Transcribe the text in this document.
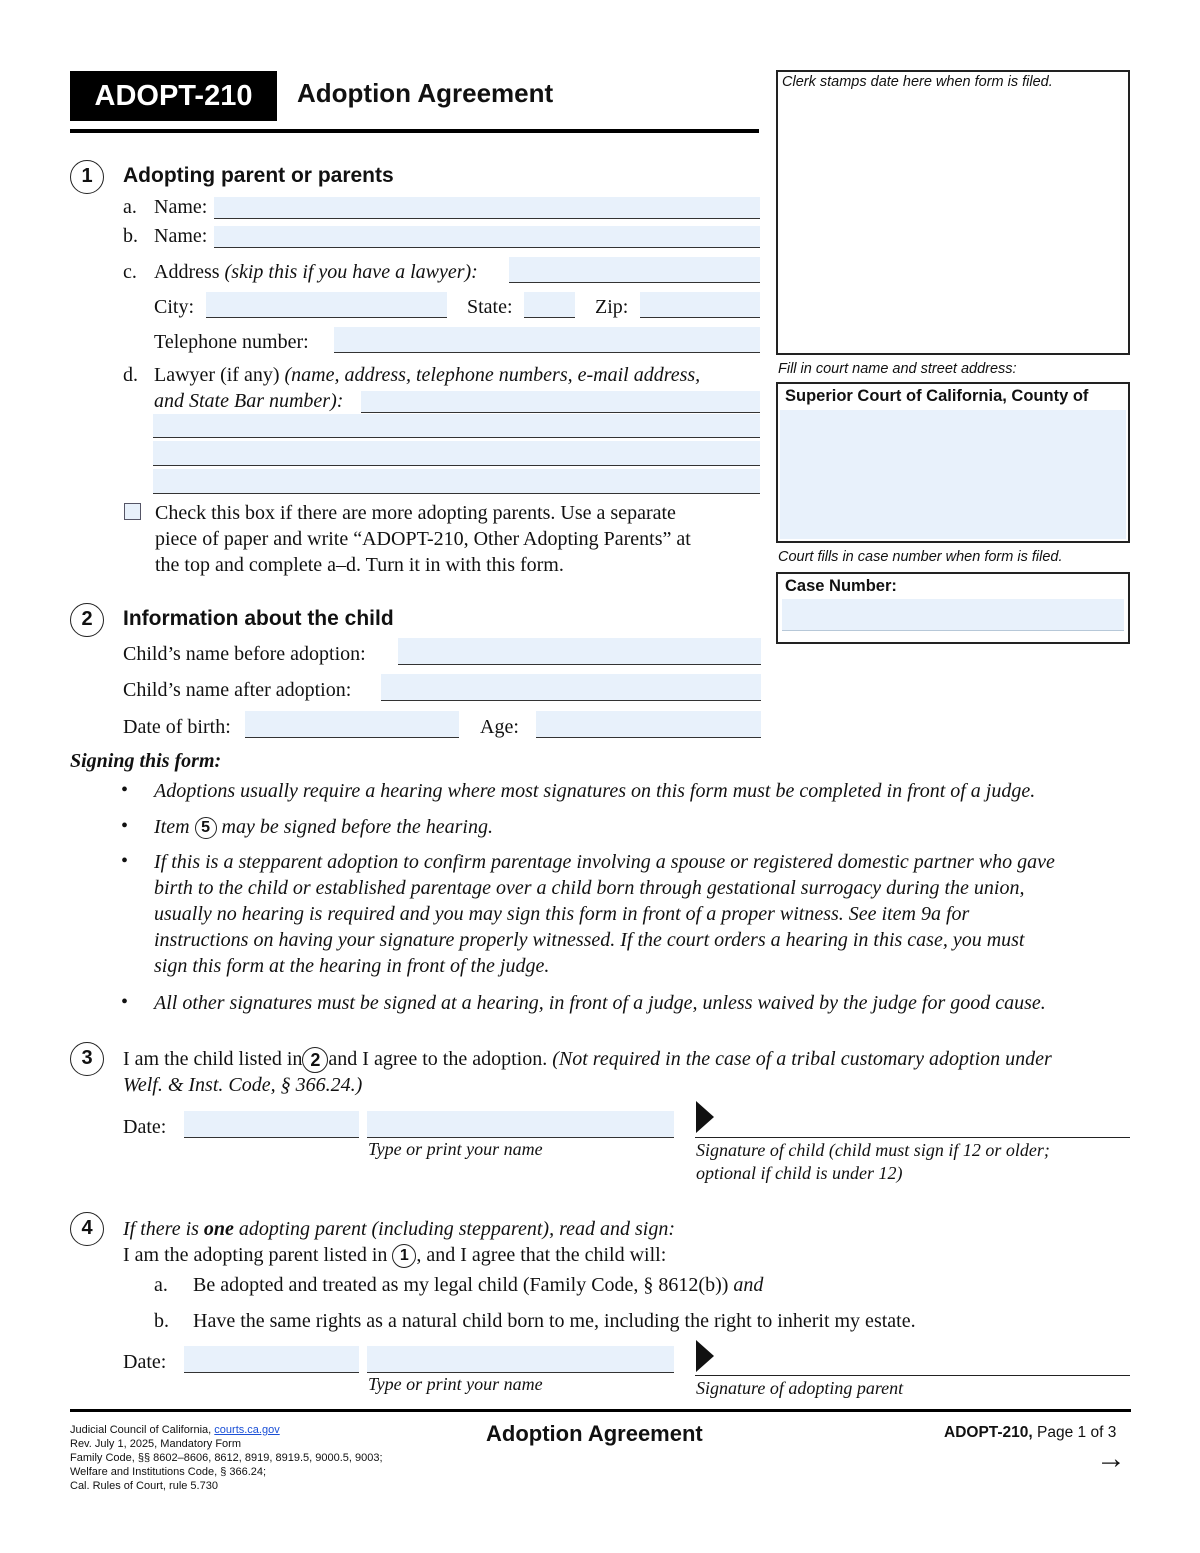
ADOPT-210	Adoption Agreement	Clerk stamps date here when form is filed.
Fill in court name and street address:
Superior Court of California, County of
Court fills in case number when form is filed.
Case Number:
1	Adopting parent or parents
a. Name:
b. Name:
c. Address (skip this if you have a lawyer):
City:	State:	Zip:
Telephone number:
d. Lawyer (if any) (name, address, telephone numbers, e-mail address,
and State Bar number):
Check this box if there are more adopting parents. Use a separate
piece of paper and write “ADOPT-210, Other Adopting Parents” at
the top and complete a–d. Turn it in with this form.
2	Information about the child
Child’s name before adoption:
Child’s name after adoption:
Date of birth:	Age:
Signing this form:
• Adoptions usually require a hearing where most signatures on this form must be completed in front of a judge.
• Item 5 may be signed before the hearing.
• If this is a stepparent adoption to confirm parentage involving a spouse or registered domestic partner who gave
birth to the child or established parentage over a child born through gestational surrogacy during the union,
usually no hearing is required and you may sign this form in front of a proper witness. See item 9a for
instructions on having your signature properly witnessed. If the court orders a hearing in this case, you must
sign this form at the hearing in front of the judge.
• All other signatures must be signed at a hearing, in front of a judge, unless waived by the judge for good cause.
3	I am the child listed in 2 and I agree to the adoption. (Not required in the case of a tribal customary adoption under
Welf. & Inst. Code, § 366.24.)
Date:
Type or print your name	Signature of child (child must sign if 12 or older;
optional if child is under 12)
4	If there is one adopting parent (including stepparent), read and sign:
I am the adopting parent listed in 1 , and I agree that the child will:
a. Be adopted and treated as my legal child (Family Code, § 8612(b)) and
b. Have the same rights as a natural child born to me, including the right to inherit my estate.
Date:
Type or print your name	Signature of adopting parent
Judicial Council of California, courts.ca.gov
Rev. July 1, 2025, Mandatory Form
Family Code, §§ 8602–8606, 8612, 8919, 8919.5, 9000.5, 9003;
Welfare and Institutions Code, § 366.24;
Cal. Rules of Court, rule 5.730
Adoption Agreement	ADOPT-210, Page 1 of 3
→
